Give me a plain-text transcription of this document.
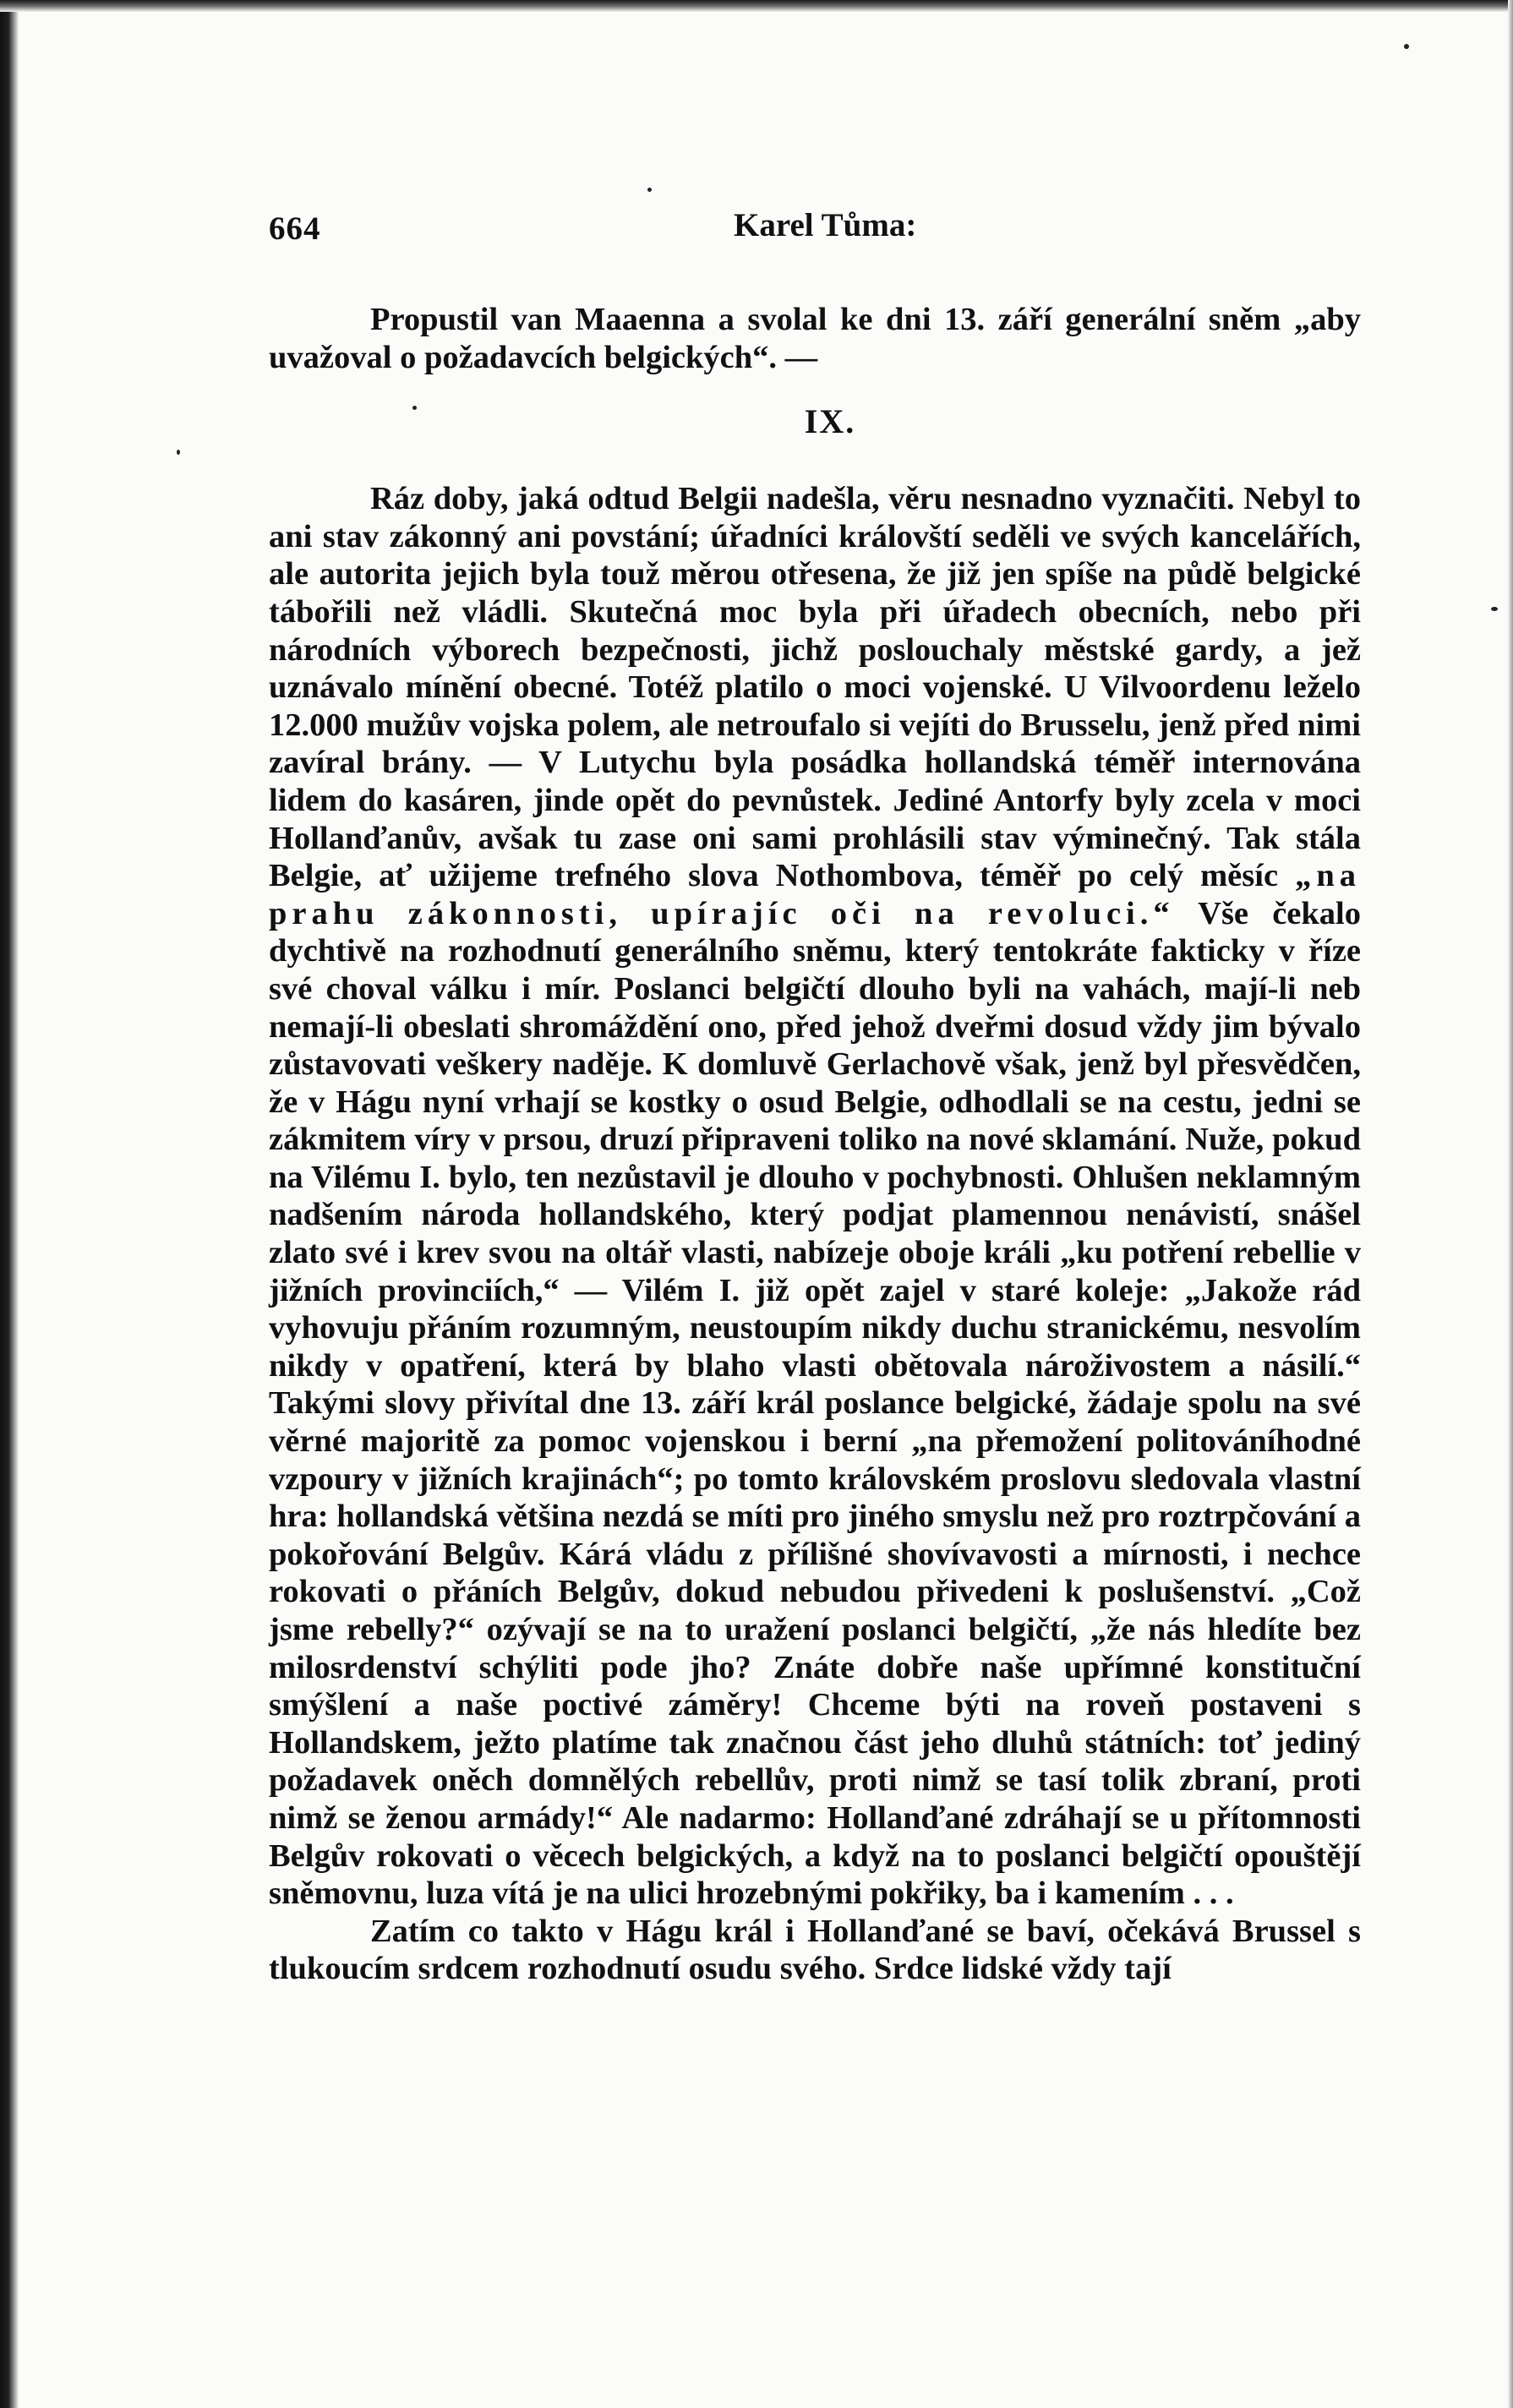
664	Karel Tůma:

Propustil van Maaenna a svolal ke dni 13. září generální sněm „aby uvažoval o požadavcích belgických“. —

IX.

Ráz doby, jaká odtud Belgii nadešla, věru nesnadno vyznačiti. Nebyl to ani stav zákonný ani povstání; úřadníci královští seděli ve svých kancelářích, ale autorita jejich byla touž měrou otřesena, že již jen spíše na půdě belgické tábořili než vládli. Skutečná moc byla při úřadech obecních, nebo při národních výborech bezpečnosti, jichž poslouchaly městské gardy, a jež uznávalo mínění obecné. Totéž platilo o moci vojenské. U Vilvoordenu leželo 12.000 mužův vojska polem, ale netroufalo si vejíti do Brusselu, jenž před nimi zavíral brány. — V Lutychu byla posádka hollandská téměř internována lidem do kasáren, jinde opět do pevnůstek. Jediné Antorfy byly zcela v moci Hollanďanův, avšak tu zase oni sami prohlásili stav výminečný. Tak stála Belgie, ať užijeme trefného slova Nothombova, téměř po celý měsíc „na prahu zákonnosti, upírajíc oči na revoluci.“ Vše čekalo dychtivě na rozhodnutí generálního sněmu, který tentokráte fakticky v říze své choval válku i mír. Poslanci belgičtí dlouho byli na vahách, mají-li neb nemají-li obeslati shromáždění ono, před jehož dveřmi dosud vždy jim bývalo zůstavovati veškery naděje. K domluvě Gerlachově však, jenž byl přesvědčen, že v Hágu nyní vrhají se kostky o osud Belgie, odhodlali se na cestu, jedni se zákmitem víry v prsou, druzí připraveni toliko na nové sklamání. Nuže, pokud na Vilému I. bylo, ten nezůstavil je dlouho v pochybnosti. Ohlušen neklamným nadšením národa hollandského, který podjat plamennou nenávistí, snášel zlato své i krev svou na oltář vlasti, nabízeje oboje králi „ku potření rebellie v jižních provinciích,“ — Vilém I. již opět zajel v staré koleje: „Jakože rád vyhovuju přáním rozumným, neustoupím nikdy duchu stranickému, nesvolím nikdy v opatření, která by blaho vlasti obětovala nároživostem a násilí.“ Takými slovy přivítal dne 13. září král poslance belgické, žádaje spolu na své věrné majoritě za pomoc vojenskou i berní „na přemožení politováníhodné vzpoury v jižních krajinách“; po tomto královském proslovu sledovala vlastní hra: hollandská většina nezdá se míti pro jiného smyslu než pro roztrpčování a pokořování Belgův. Kárá vládu z přílišné shovívavosti a mírnosti, i nechce rokovati o přáních Belgův, dokud nebudou přivedeni k poslušenství. „Což jsme rebelly?“ ozývají se na to uražení poslanci belgičtí, „že nás hledíte bez milosrdenství schýliti pode jho? Znáte dobře naše upřímné konstituční smýšlení a naše poctivé záměry! Chceme býti na roveň postaveni s Hollandskem, ježto platíme tak značnou část jeho dluhů státních: toť jediný požadavek oněch domnělých rebellův, proti nimž se tasí tolik zbraní, proti nimž se ženou armády!“ Ale nadarmo: Hollanďané zdráhají se u přítomnosti Belgův rokovati o věcech belgických, a když na to poslanci belgičtí opouštějí sněmovnu, luza vítá je na ulici hrozebnými pokřiky, ba i kamením . . .

Zatím co takto v Hágu král i Hollanďané se baví, očekává Brussel s tlukoucím srdcem rozhodnutí osudu svého. Srdce lidské vždy tají
